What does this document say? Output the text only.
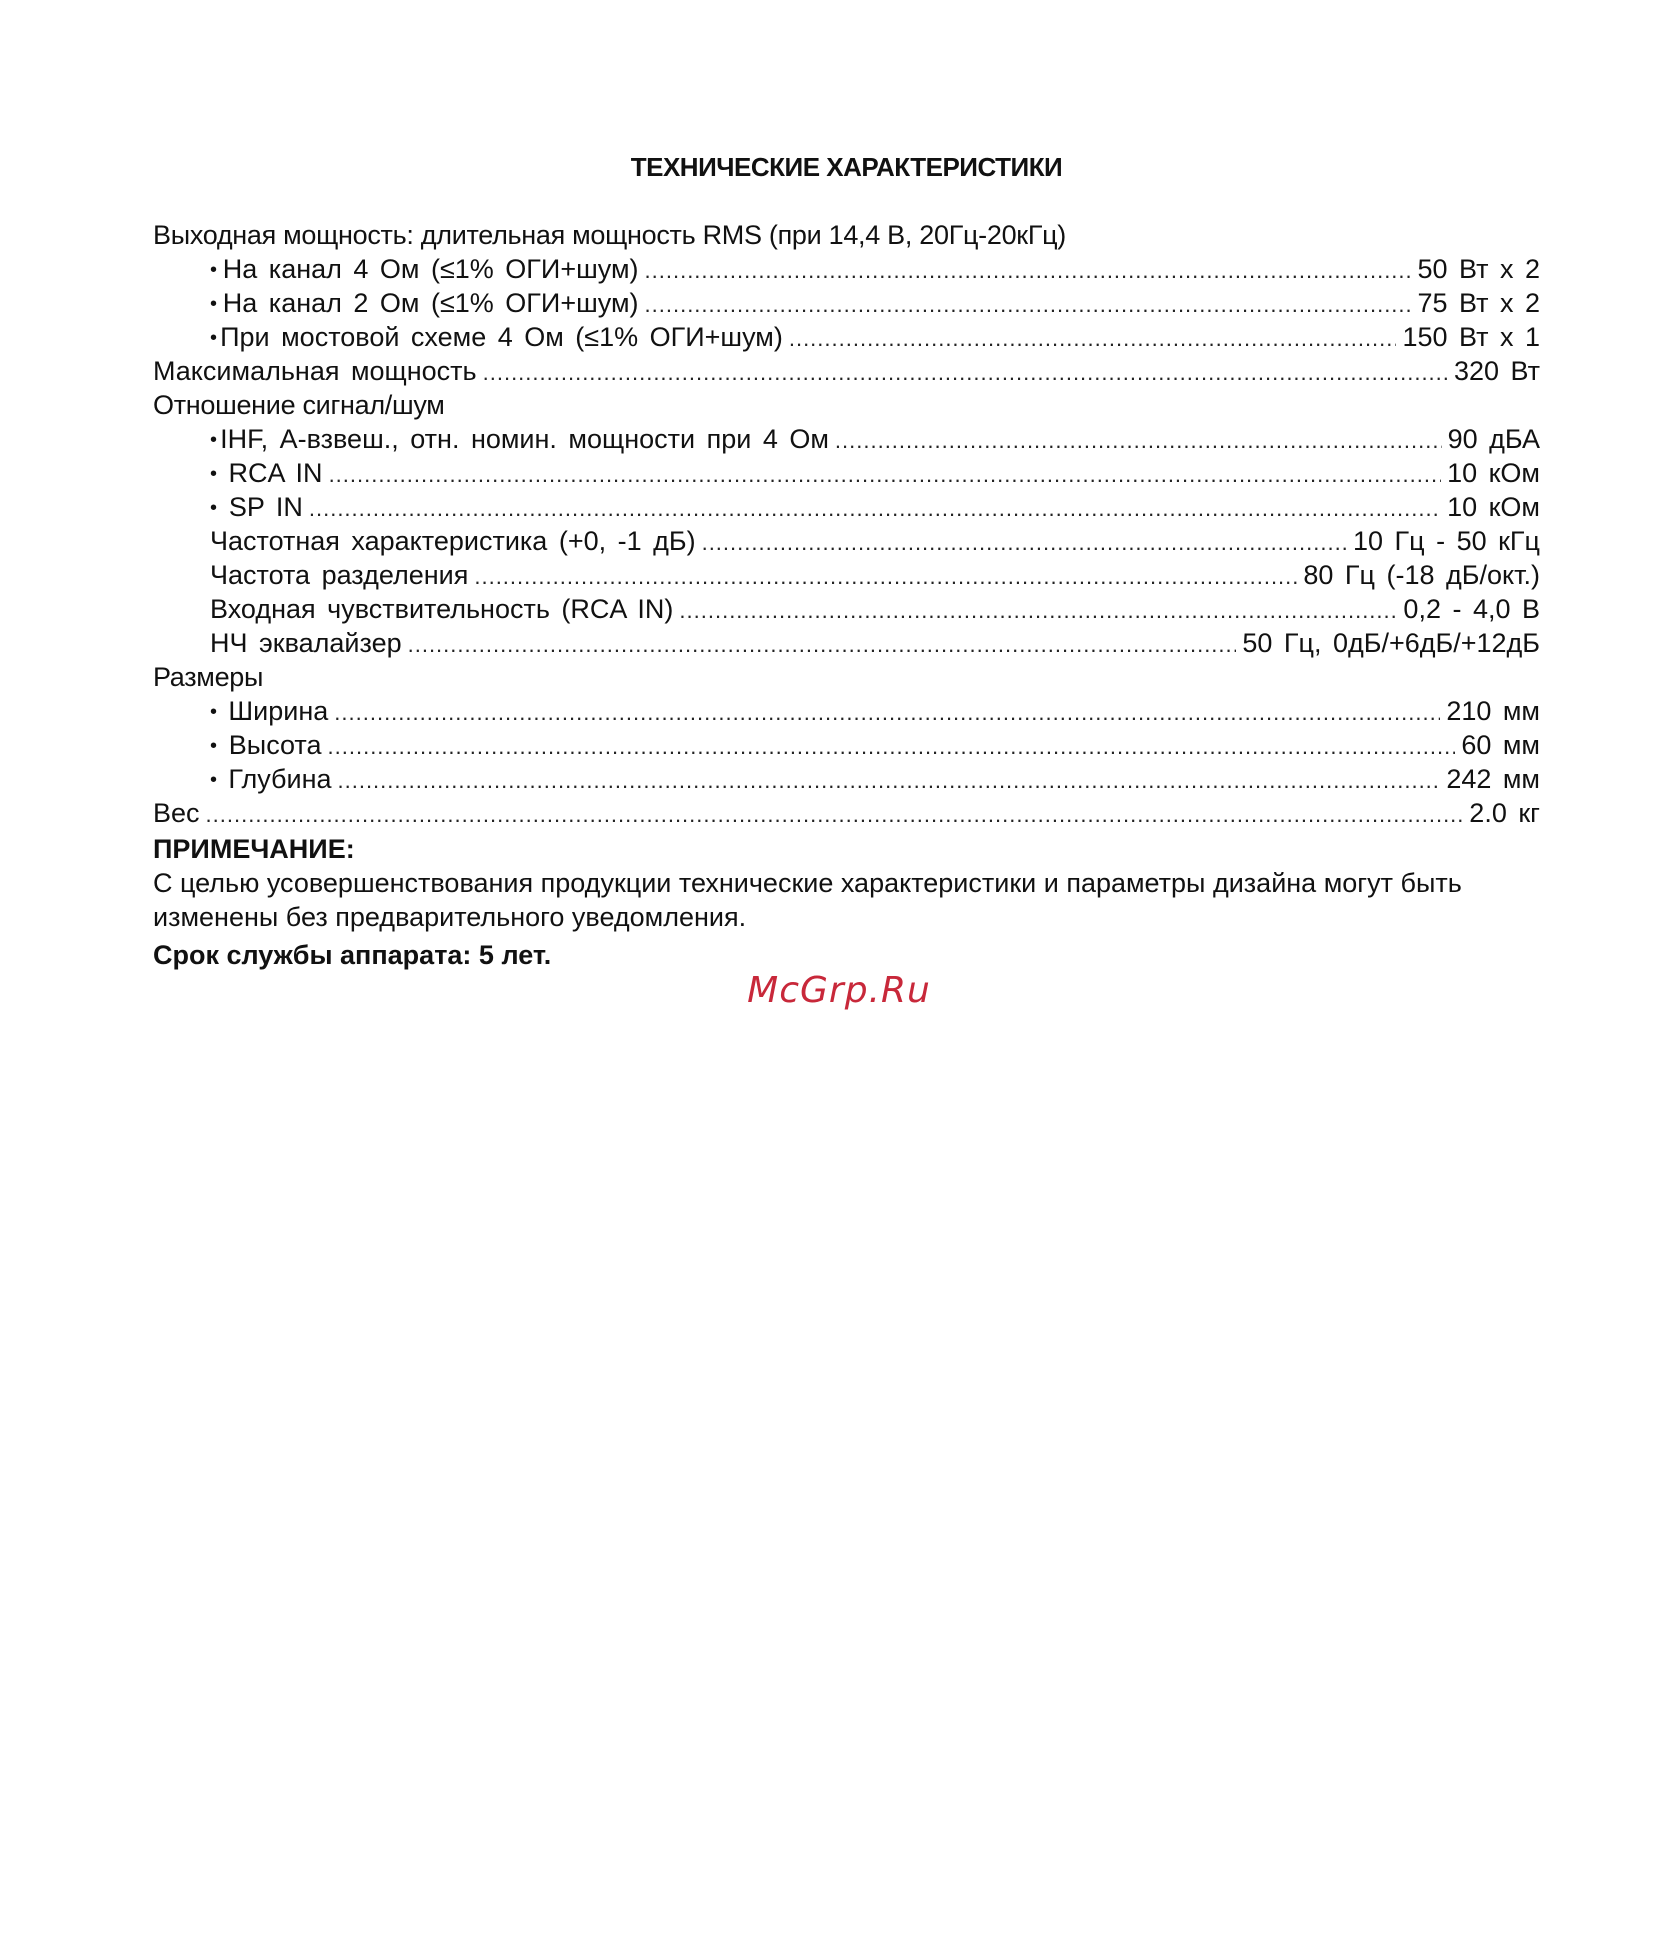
ТЕХНИЧЕСКИЕ ХАРАКТЕРИСТИКИ
Выходная мощность: длительная мощность RMS (при 14,4 В, 20Гц-20кГц)
• На канал 4 Ом (≤1% ОГИ+шум) .....	50 Вт х 2
• На канал 2 Ом (≤1% ОГИ+шум) .....	75 Вт х 2
• При мостовой схеме 4 Ом (≤1% ОГИ+шум) .....	150 Вт х 1
Максимальная мощность .....	320 Вт
Отношение сигнал/шум
• IHF, А-взвеш., отн. номин. мощности при 4 Ом .....	90 дБА
• RCA IN .....	10 кОм
• SP IN .....	10 кОм
Частотная характеристика (+0, -1 дБ) .....	10 Гц - 50 кГц
Частота разделения .....	80 Гц (-18 дБ/окт.)
Входная чувствительность (RCA IN) .....	0,2 - 4,0 В
НЧ эквалайзер .....	50 Гц, 0дБ/+6дБ/+12дБ
Размеры
• Ширина .....	210 мм
• Высота .....	60 мм
• Глубина .....	242 мм
Вес .....	2.0 кг
ПРИМЕЧАНИЕ:

С целью усовершенствования продукции технические характеристики и параметры дизайна могут быть изменены без предварительного уведомления.

Срок службы аппарата: 5 лет.
McGrp.Ru
